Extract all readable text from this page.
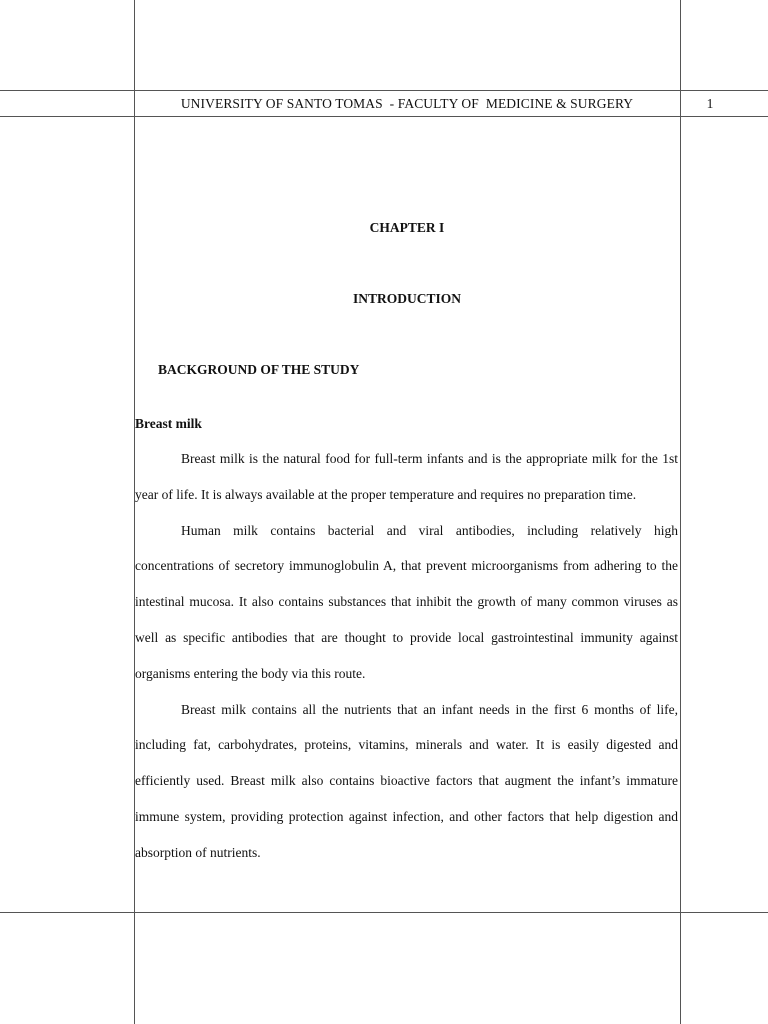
UNIVERSITY OF SANTO TOMAS  - FACULTY OF  MEDICINE & SURGERY	1
CHAPTER I
INTRODUCTION
BACKGROUND OF THE STUDY
Breast milk

Breast milk is the natural food for full-term infants and is the appropriate milk for the 1st year of life. It is always available at the proper temperature and requires no preparation time.

Human milk contains bacterial and viral antibodies, including relatively high concentrations of secretory immunoglobulin A, that prevent microorganisms from adhering to the intestinal mucosa. It also contains substances that inhibit the growth of many common viruses as well as specific antibodies that are thought to provide local gastrointestinal immunity against organisms entering the body via this route.

Breast milk contains all the nutrients that an infant needs in the first 6 months of life, including fat, carbohydrates, proteins, vitamins, minerals and water. It is easily digested and efficiently used. Breast milk also contains bioactive factors that augment the infant’s immature immune system, providing protection against infection, and other factors that help digestion and absorption of nutrients.
